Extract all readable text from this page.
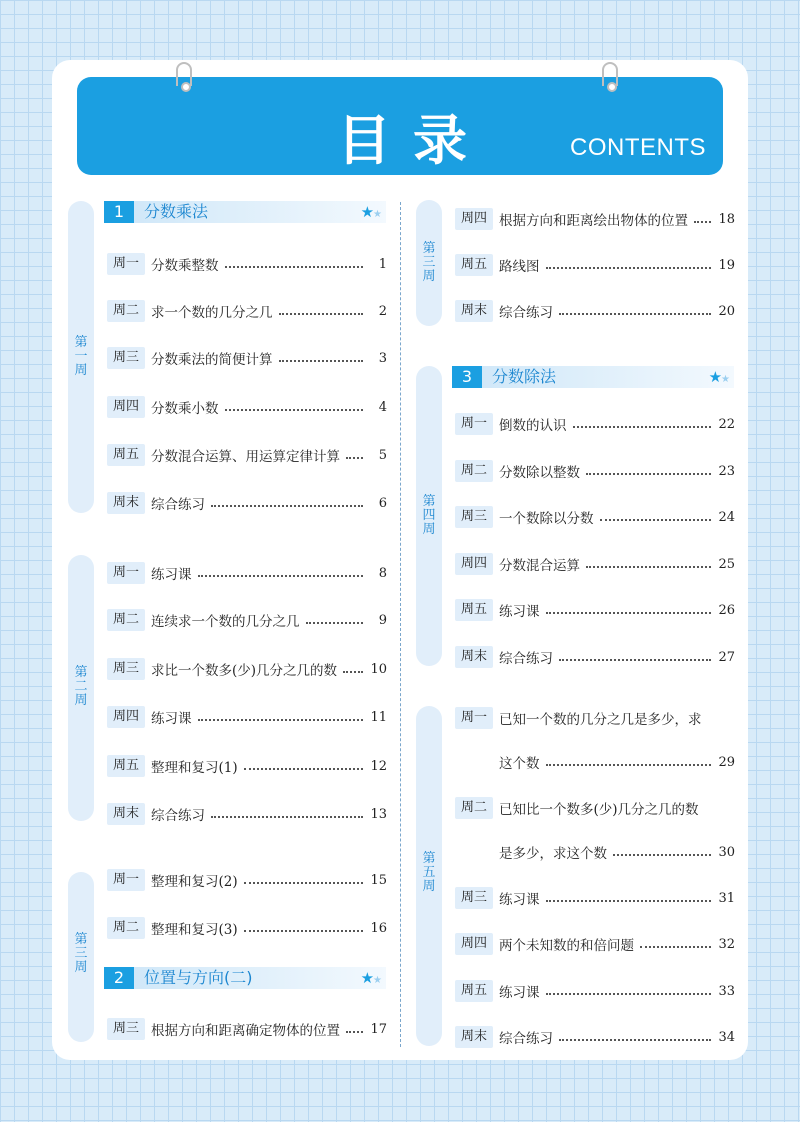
目录	CONTENTS
第一周
第二周
第三周
第三周
第四周
第五周
1	分数乘法	★★
2	位置与方向(二)	★★
3	分数除法	★★
周一 分数乘整数	1
周二 求一个数的几分之几	2
周三 分数乘法的简便计算	3
周四 分数乘小数	4
周五 分数混合运算、用运算定律计算	5
周末 综合练习	6
周一 练习课	8
周二 连续求一个数的几分之几	9
周三 求比一个数多(少)几分之几的数	10
周四 练习课	11
周五 整理和复习(1)	12
周末 综合练习	13
周一 整理和复习(2)	15
周二 整理和复习(3)	16
周三 根据方向和距离确定物体的位置 17
周四 根据方向和距离绘出物体的位置 18
周五 路线图	19
周末 综合练习	20
周一 倒数的认识	22
周二 分数除以整数	23
周三 一个数除以分数	24
周四 分数混合运算	25
周五 练习课	26
周末 综合练习	27
周一 已知一个数的几分之几是多少，求
这个数	29
周二 已知比一个数多(少)几分之几的数
是多少，求这个数	30
周三 练习课	31
周四 两个未知数的和倍问题	32
周五 练习课	33
周末 综合练习	34
